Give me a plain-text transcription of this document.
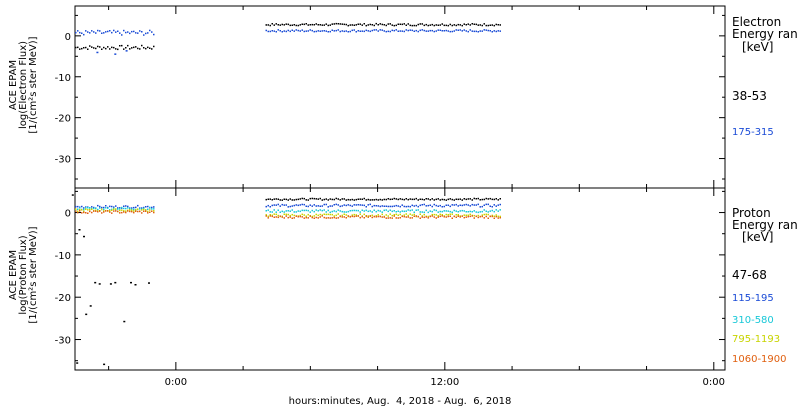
0
-10
-20
-30
0
-10
-20
-30
0:00	12:00	0:00
ACE EPAM log(Electron Flux) [1/(cm²s ster MeV)]
ACE EPAM log(Proton Flux) [1/(cm²s ster MeV)]
Electron
Energy ran
[keV]
38-53
175-315
Proton
Energy ran
[keV]
47-68
115-195
310-580
795-1193
1060-1900
hours:minutes, Aug.  4, 2018 - Aug.  6, 2018
